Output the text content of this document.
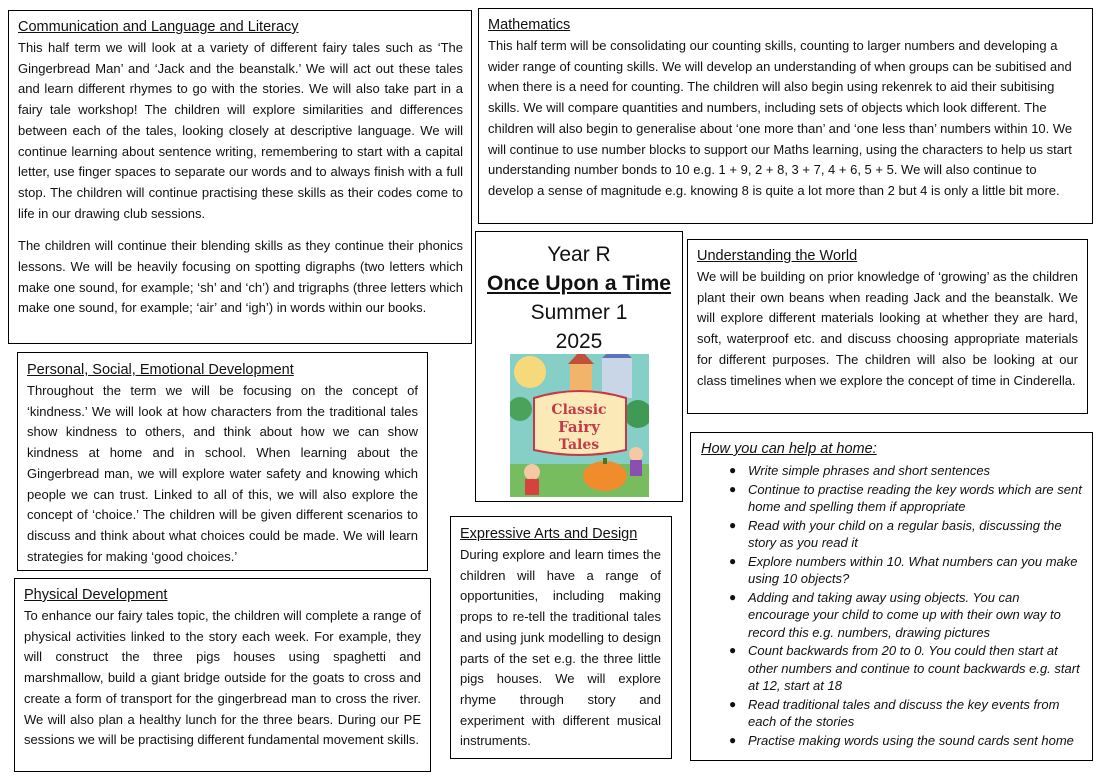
Communication and Language and Literacy

This half term we will look at a variety of different fairy tales such as ‘The Gingerbread Man’ and ‘Jack and the beanstalk.’ We will act out these tales and learn different rhymes to go with the stories. We will also take part in a fairy tale workshop! The children will explore similarities and differences between each of the tales, looking closely at descriptive language. We will continue learning about sentence writing, remembering to start with a capital letter, use finger spaces to separate our words and to always finish with a full stop. The children will continue practising these skills as their codes come to life in our drawing club sessions.

The children will continue their blending skills as they continue their phonics lessons. We will be heavily focusing on spotting digraphs (two letters which make one sound, for example; ‘sh’ and ‘ch’) and trigraphs (three letters which make one sound, for example; ‘air’ and ‘igh’) in words within our books.

Mathematics

This half term will be consolidating our counting skills, counting to larger numbers and developing a wider range of counting skills. We will develop an understanding of when groups can be subitised and when there is a need for counting. The children will also begin using rekenrek to aid their subitising skills. We will compare quantities and numbers, including sets of objects which look different. The children will also begin to generalise about ‘one more than’ and ‘one less than’ numbers within 10. We will continue to use number blocks to support our Maths learning, using the characters to help us start understanding number bonds to 10 e.g. 1 + 9, 2 + 8, 3 + 7, 4 + 6, 5 + 5. We will also continue to develop a sense of magnitude e.g. knowing 8 is quite a lot more than 2 but 4 is only a little bit more.

Year R

Once Upon a Time

Summer 1

2025

Classic
Fairy
Tales

Understanding the World

We will be building on prior knowledge of ‘growing’ as the children plant their own beans when reading Jack and the beanstalk. We will explore different materials looking at whether they are hard, soft, waterproof etc. and discuss choosing appropriate materials for different purposes. The children will also be looking at our class timelines when we explore the concept of time in Cinderella.

Personal, Social, Emotional Development

Throughout the term we will be focusing on the concept of ‘kindness.’ We will look at how characters from the traditional tales show kindness to others, and think about how we can show kindness at home and in school. When learning about the Gingerbread man, we will explore water safety and knowing which people we can trust. Linked to all of this, we will also explore the concept of ‘choice.’ The children will be given different scenarios to discuss and think about what choices could be made. We will learn strategies for making ‘good choices.’

Physical Development

To enhance our fairy tales topic, the children will complete a range of physical activities linked to the story each week. For example, they will construct the three pigs houses using spaghetti and marshmallow, build a giant bridge outside for the goats to cross and create a form of transport for the gingerbread man to cross the river. We will also plan a healthy lunch for the three bears. During our PE sessions we will be practising different fundamental movement skills.

Expressive Arts and Design

During explore and learn times the children will have a range of opportunities, including making props to re-tell the traditional tales and using junk modelling to design parts of the set e.g. the three little pigs houses. We will explore rhyme through story and experiment with different musical instruments.

How you can help at home:

● Write simple phrases and short sentences
● Continue to practise reading the key words which are sent home and spelling them if appropriate
● Read with your child on a regular basis, discussing the story as you read it
● Explore numbers within 10. What numbers can you make using 10 objects?
● Adding and taking away using objects. You can encourage your child to come up with their own way to record this e.g. numbers, drawing pictures
● Count backwards from 20 to 0. You could then start at other numbers and continue to count backwards e.g. start at 12, start at 18
● Read traditional tales and discuss the key events from each of the stories
● Practise making words using the sound cards sent home
